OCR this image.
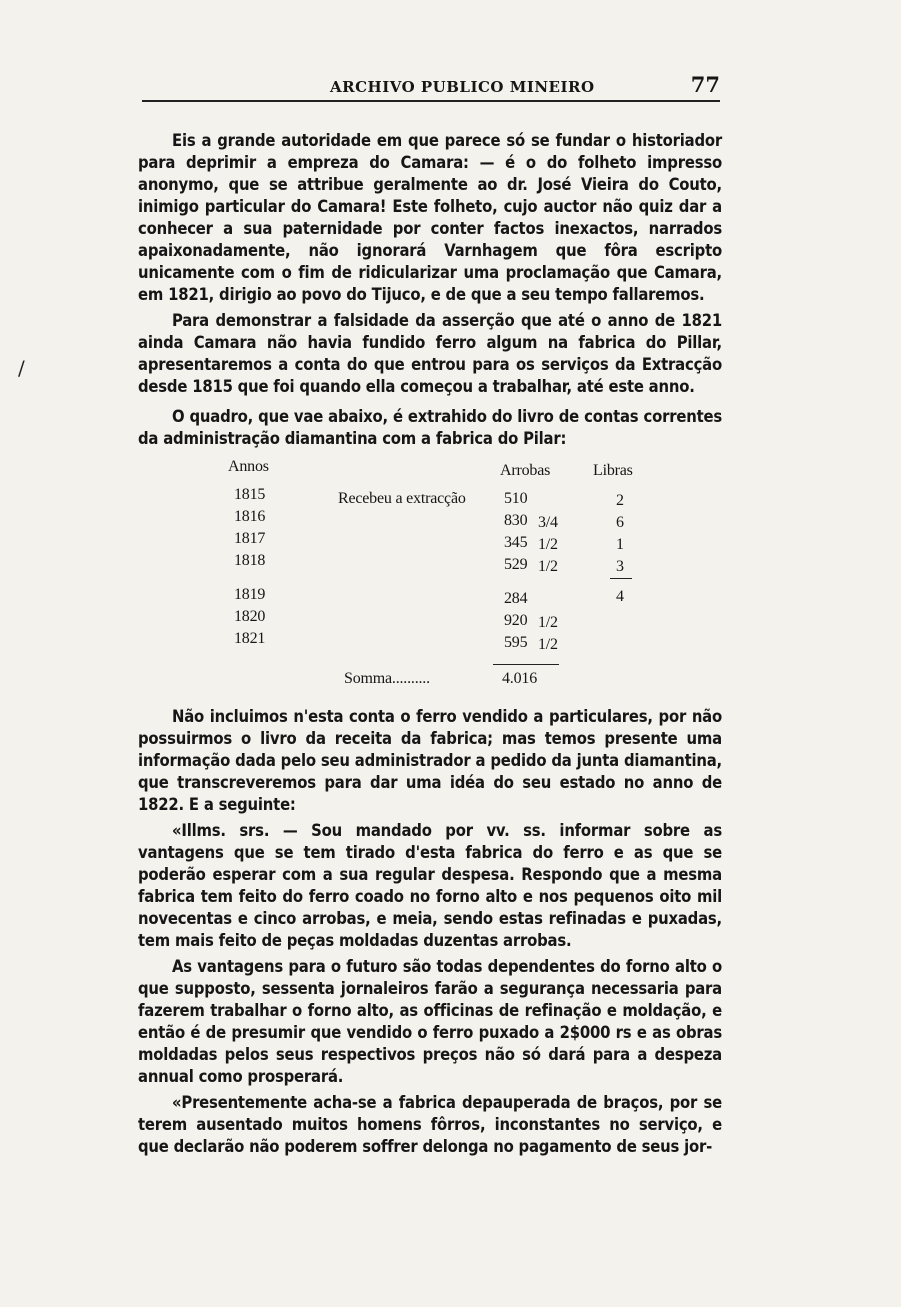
ARCHIVO PUBLICO MINEIRO	77
/

Eis a grande autoridade em que parece só se fundar o historiador para deprimir a empreza do Camara: — é o do folheto impresso anonymo, que se attribue geralmente ao dr. José Vieira do Couto, inimigo particular do Camara! Este folheto, cujo auctor não quiz dar a conhecer a sua paternidade por conter factos inexactos, narrados apaixonadamente, não ignorará Varnhagem que fôra escripto unicamente com o fim de ridicularizar uma proclamação que Camara, em 1821, dirigio ao povo do Tijuco, e de que a seu tempo fallaremos.

Para demonstrar a falsidade da asserção que até o anno de 1821 ainda Camara não havia fundido ferro algum na fabrica do Pillar, apresentaremos a conta do que entrou para os serviços da Extracção desde 1815 que foi quando ella começou a trabalhar, até este anno.

O quadro, que vae abaixo, é extrahido do livro de contas correntes da administração diamantina com a fabrica do Pilar:

Annos	Arrobas	Libras
Recebeu a extracção
1815	510	2
1816	830 3/4	6
1817	345 1/2	1
1818	529 1/2	3
1819	284	4
1820	920 1/2
1821	595 1/2
Somma..........	4.016

Não incluimos n'esta conta o ferro vendido a particulares, por não possuirmos o livro da receita da fabrica; mas temos presente uma informação dada pelo seu administrador a pedido da junta diamantina, que transcreveremos para dar uma idéa do seu estado no anno de 1822. E a seguinte:

«Illms. srs. — Sou mandado por vv. ss. informar sobre as vantagens que se tem tirado d'esta fabrica do ferro e as que se poderão esperar com a sua regular despesa. Respondo que a mesma fabrica tem feito do ferro coado no forno alto e nos pequenos oito mil novecentas e cinco arrobas, e meia, sendo estas refinadas e puxadas, tem mais feito de peças moldadas duzentas arrobas.

As vantagens para o futuro são todas dependentes do forno alto o que supposto, sessenta jornaleiros farão a segurança necessaria para fazerem trabalhar o forno alto, as officinas de refinação e moldação, e então é de presumir que vendido o ferro puxado a 2$000 rs e as obras moldadas pelos seus respectivos preços não só dará para a despeza annual como prosperará.

«Presentemente acha-se a fabrica depauperada de braços, por se terem ausentado muitos homens fôrros, inconstantes no serviço, e que declarão não poderem soffrer delonga no pagamento de seus jor-
